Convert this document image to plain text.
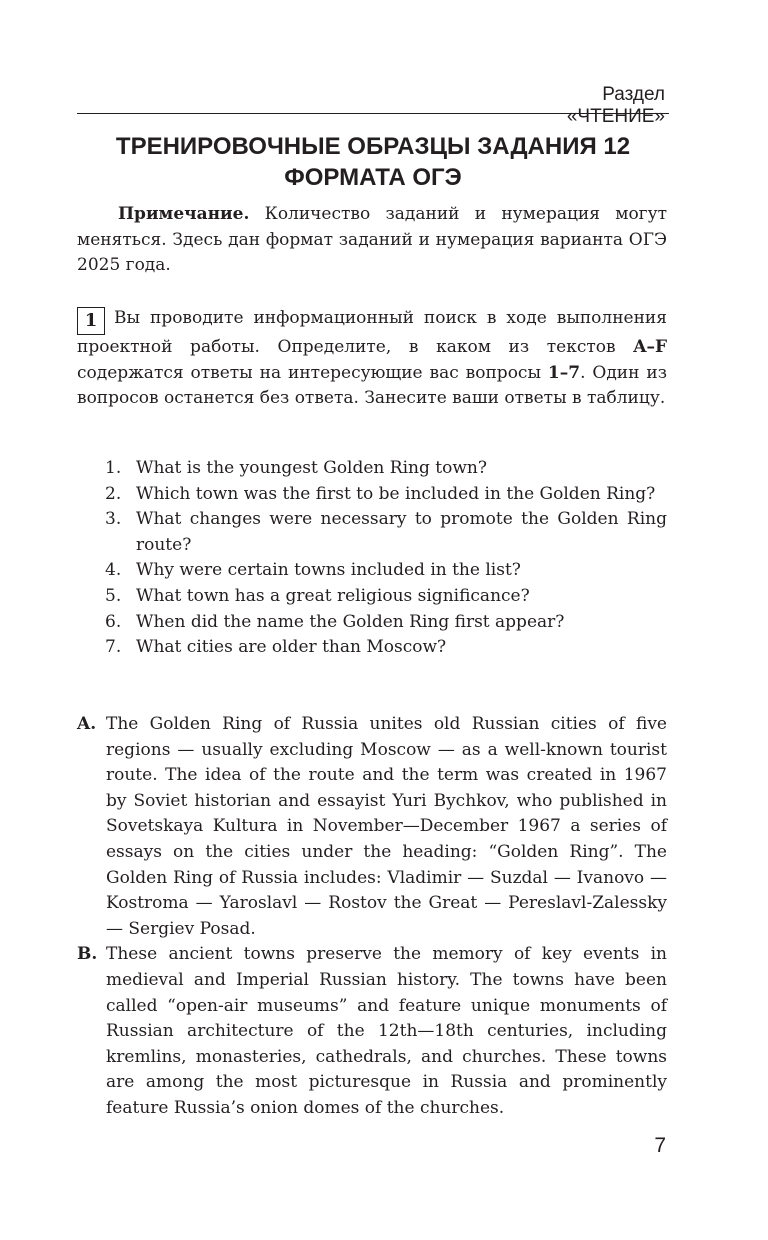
Раздел «ЧТЕНИЕ»
ТРЕНИРОВОЧНЫЕ ОБРАЗЦЫ ЗАДАНИЯ 12
ФОРМАТА ОГЭ
Примечание. Количество заданий и нумерация могут меняться. Здесь дан формат заданий и нумерация варианта ОГЭ 2025 года.
1 Вы проводите информационный поиск в ходе выполнения проектной работы. Определите, в каком из текстов A–F содержатся ответы на интересующие вас вопросы 1–7. Один из вопросов останется без ответа. Занесите ваши ответы в таблицу.
1. What is the youngest Golden Ring town?
2. Which town was the first to be included in the Golden Ring?
3. What changes were necessary to promote the Golden Ring route?
4. Why were certain towns included in the list?
5. What town has a great religious significance?
6. When did the name the Golden Ring first appear?
7. What cities are older than Moscow?
A. The Golden Ring of Russia unites old Russian cities of five regions — usually excluding Moscow — as a well-known tourist route. The idea of the route and the term was created in 1967 by Soviet historian and essayist Yuri Bychkov, who published in Sovetskaya Kultura in November—December 1967 a series of essays on the cities under the heading: “Golden Ring”. The Golden Ring of Russia includes: Vladimir — Suzdal — Ivanovo — Kostroma — Yaroslavl — Rostov the Great — Pereslavl-Zalessky — Sergiev Posad.
B. These ancient towns preserve the memory of key events in medieval and Imperial Russian history. The towns have been called “open-air museums” and feature unique monuments of Russian architecture of the 12th—18th centuries, including kremlins, monasteries, cathedrals, and churches. These towns are among the most picturesque in Russia and prominently feature Russia’s onion domes of the churches.
7
